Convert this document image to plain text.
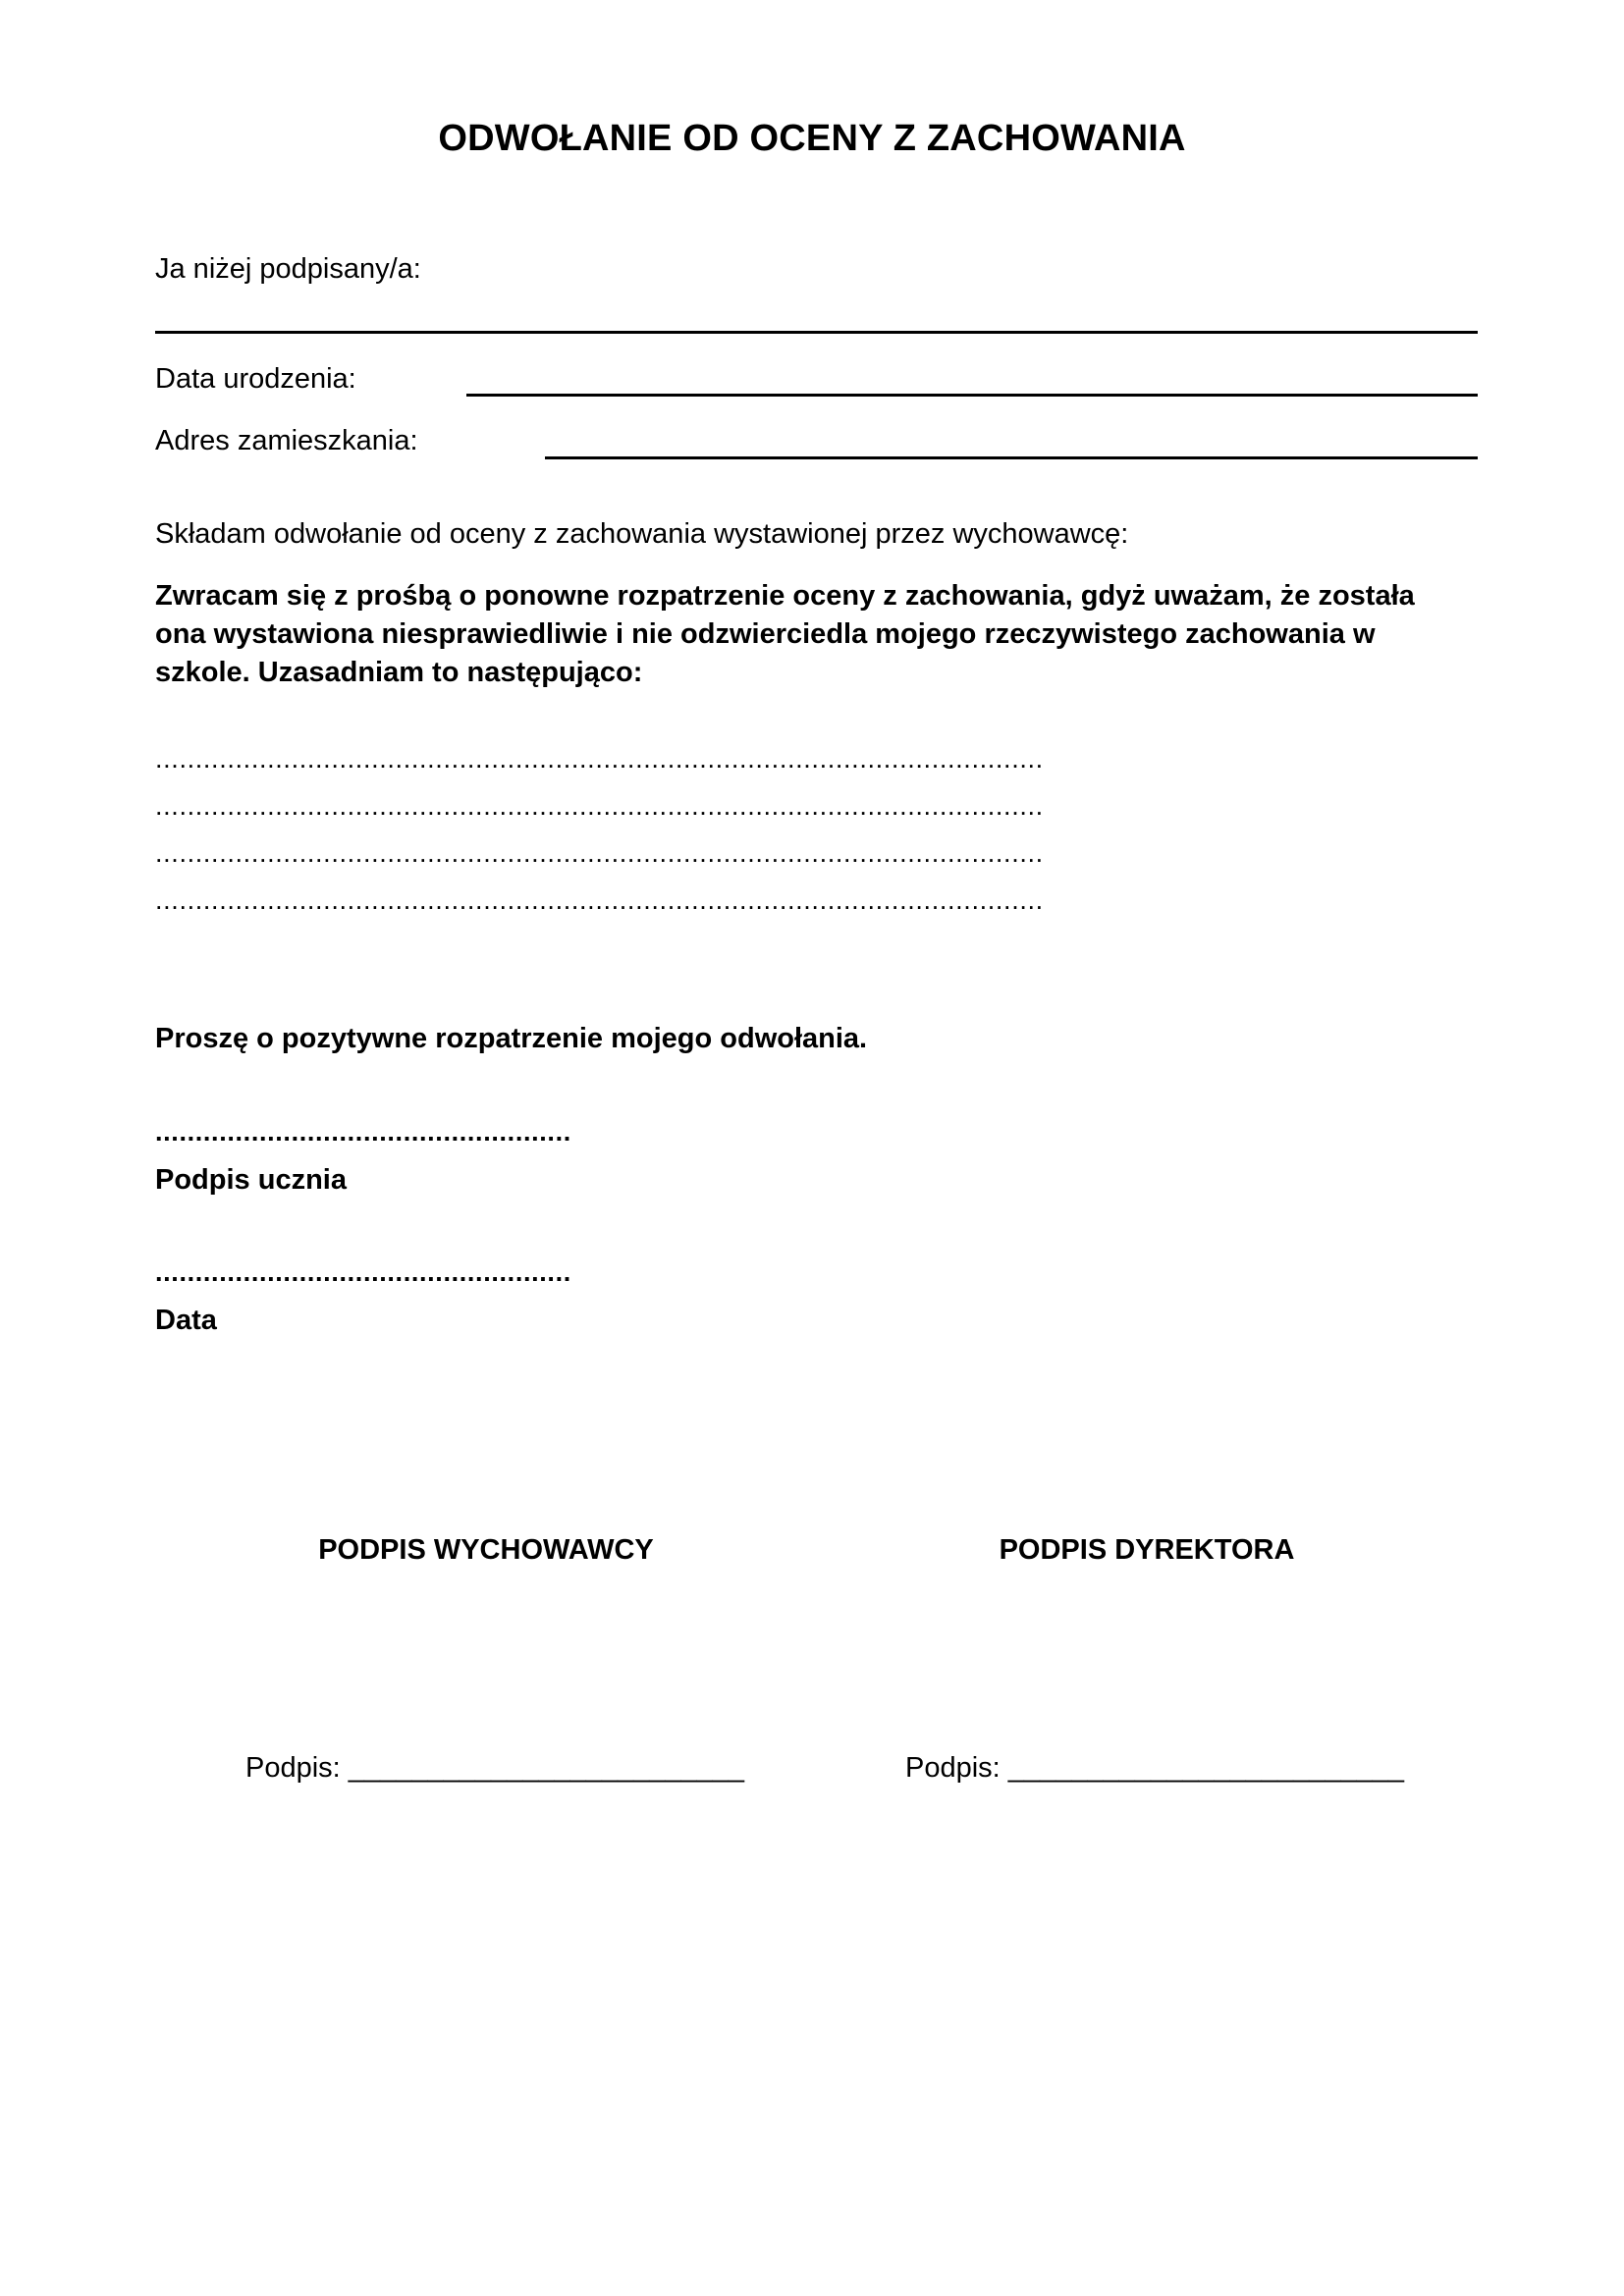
ODWOŁANIE OD OCENY Z ZACHOWANIA
Ja niżej podpisany/a:
Data urodzenia:
Adres zamieszkania:
Składam odwołanie od oceny z zachowania wystawionej przez wychowawcę:
Zwracam się z prośbą o ponowne rozpatrzenie oceny z zachowania, gdyż uważam, że została ona wystawiona niesprawiedliwie i nie odzwierciedla mojego rzeczywistego zachowania w szkole. Uzasadniam to następująco:
...............................................................................................................
...............................................................................................................
...............................................................................................................
...............................................................................................................
Proszę o pozytywne rozpatrzenie mojego odwołania.
....................................................
Podpis ucznia
....................................................
Data
PODPIS WYCHOWAWCY	PODPIS DYREKTORA
Podpis: _________________________	Podpis: _________________________
